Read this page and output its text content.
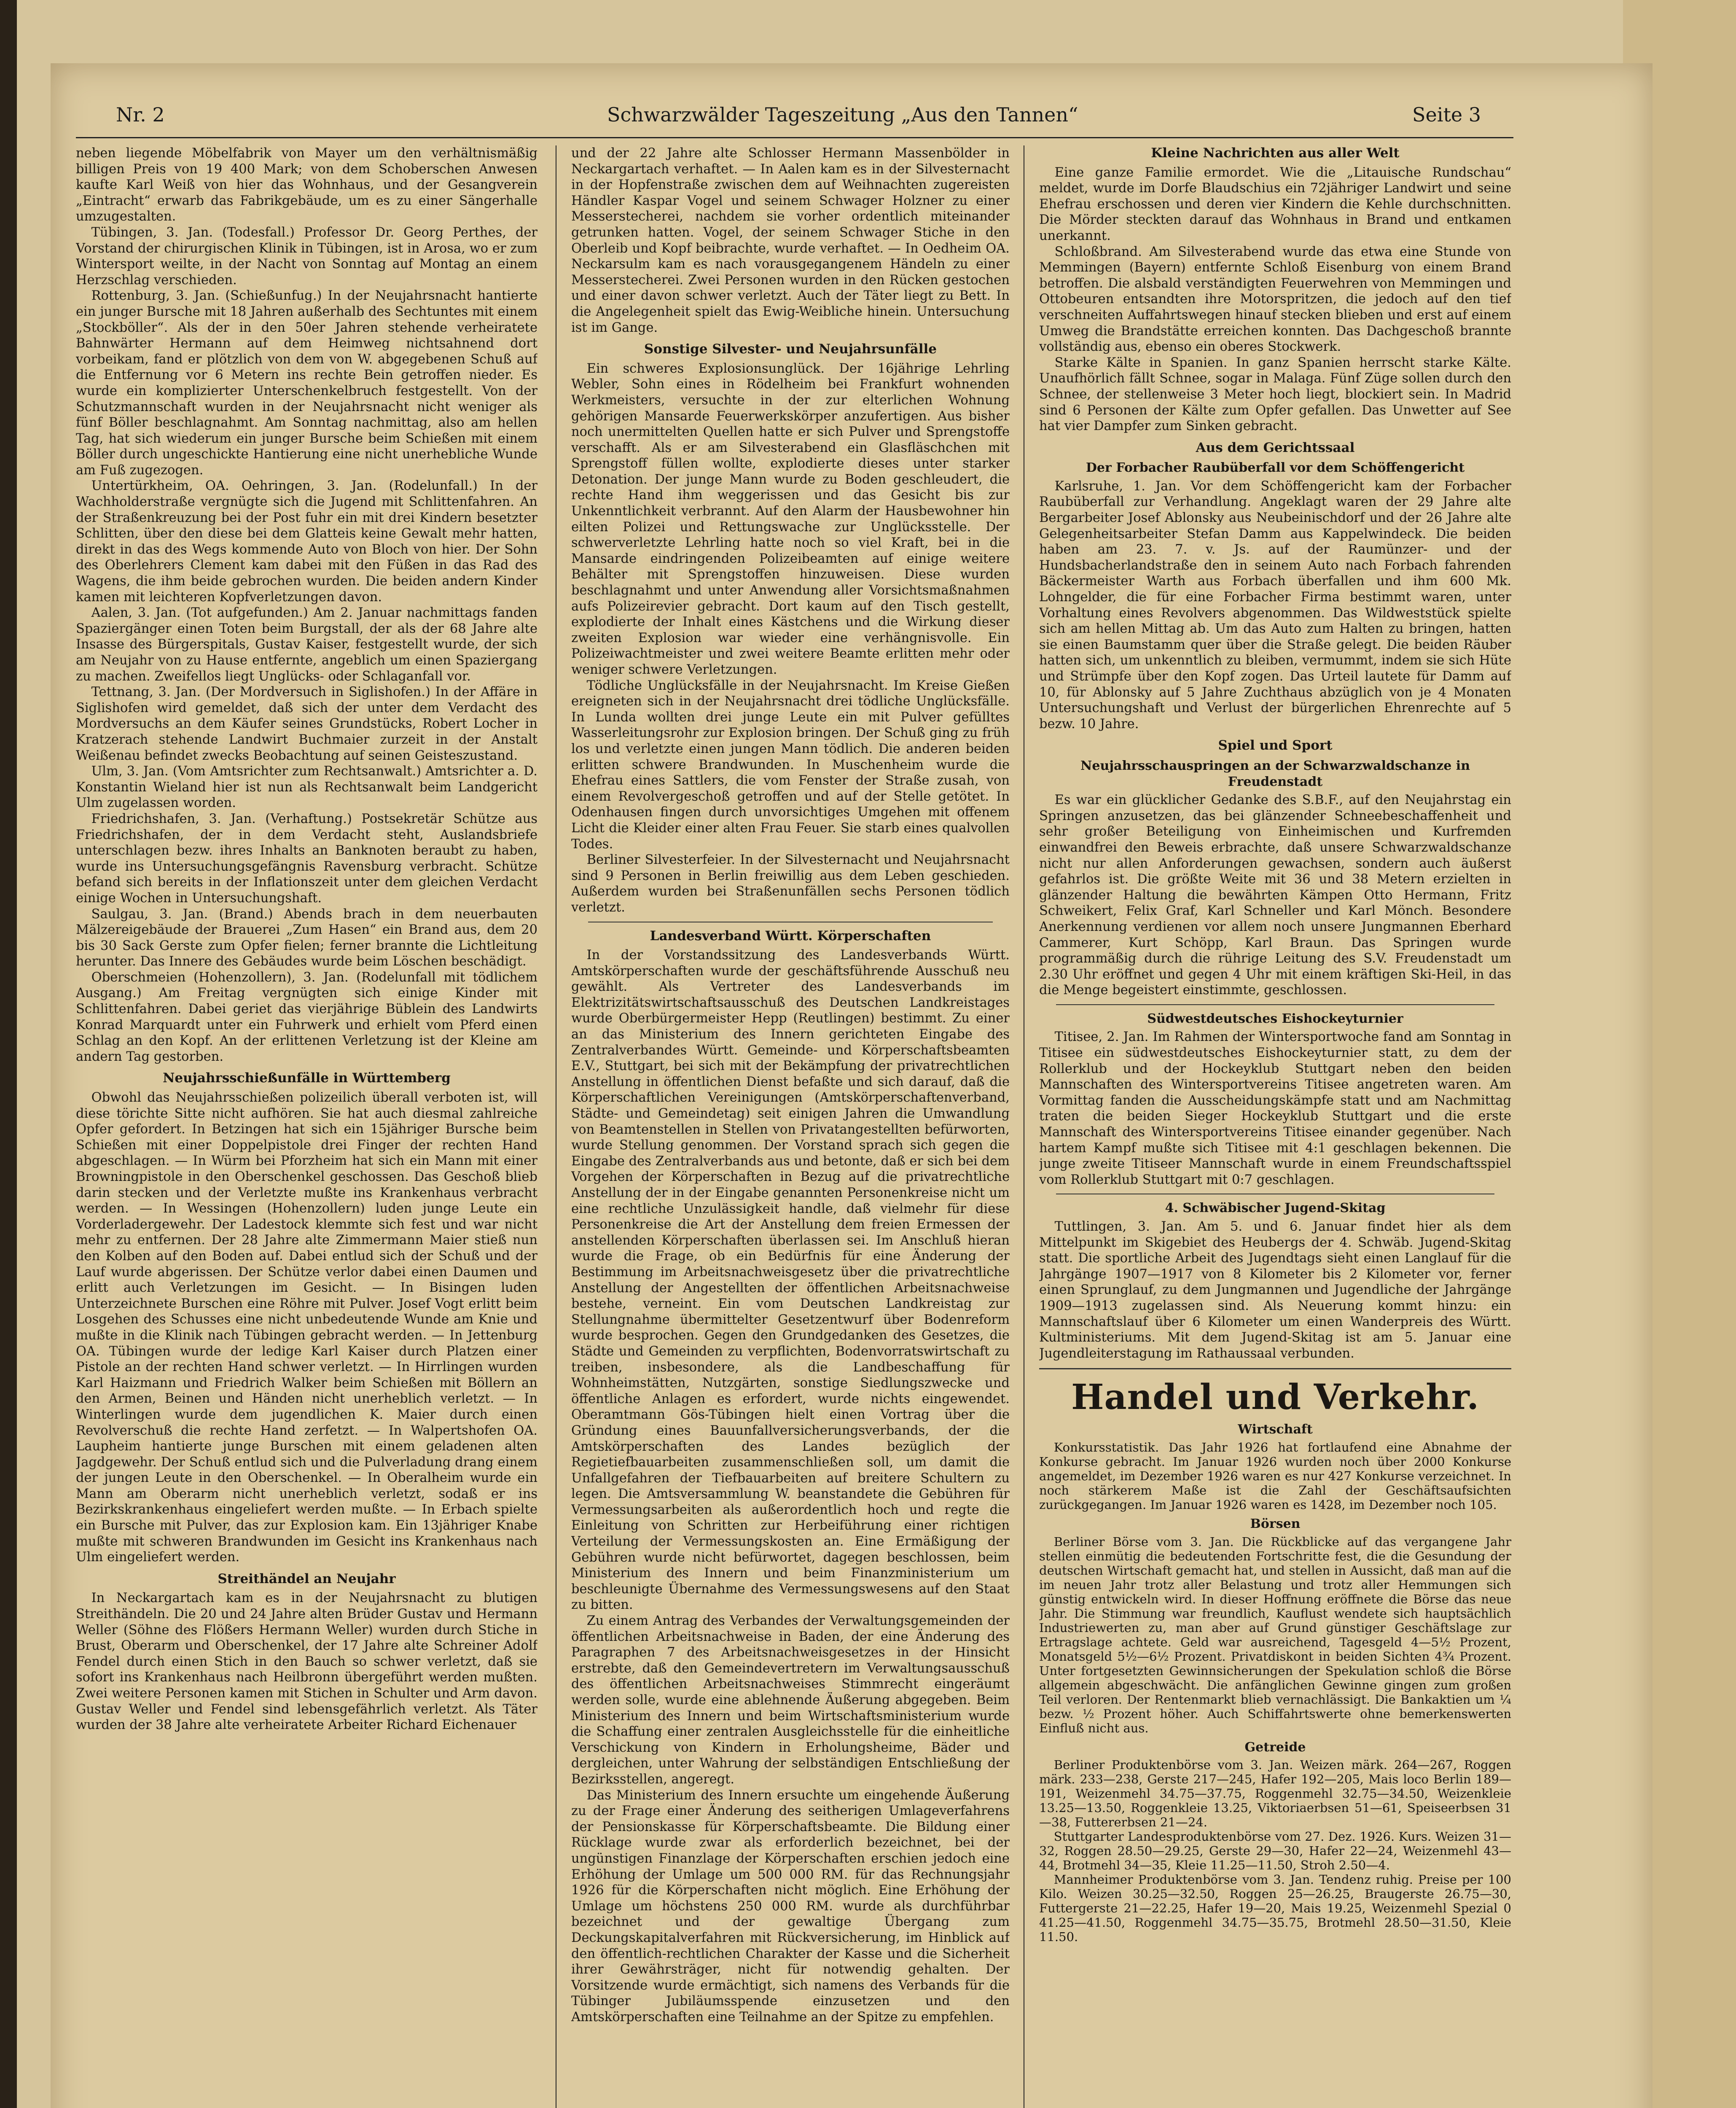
Nr. 2	Schwarzwälder Tageszeitung „Aus den Tannen“	Seite 3

neben liegende Möbelfabrik von Mayer um den verhältnismäßig billigen Preis von 19 400 Mark; von dem Schoberschen Anwesen kaufte Karl Weiß von hier das Wohnhaus, und der Gesangverein „Eintracht“ erwarb das Fabrikgebäude, um es zu einer Sängerhalle umzugestalten.

Tübingen, 3. Jan. (Todesfall.) Professor Dr. Georg Perthes, der Vorstand der chirurgischen Klinik in Tübingen, ist in Arosa, wo er zum Wintersport weilte, in der Nacht von Sonntag auf Montag an einem Herzschlag verschieden.

Rottenburg, 3. Jan. (Schießunfug.) In der Neujahrsnacht hantierte ein junger Bursche mit 18 Jahren außerhalb des Sechtuntes mit einem „Stockböller“. Als der in den 50er Jahren stehende verheiratete Bahnwärter Hermann auf dem Heimweg nichtsahnend dort vorbeikam, fand er plötzlich von dem von W. abgegebenen Schuß auf die Entfernung vor 6 Metern ins rechte Bein getroffen nieder. Es wurde ein komplizierter Unterschenkelbruch festgestellt. Von der Schutzmannschaft wurden in der Neujahrsnacht nicht weniger als fünf Böller beschlagnahmt. Am Sonntag nachmittag, also am hellen Tag, hat sich wiederum ein junger Bursche beim Schießen mit einem Böller durch ungeschickte Hantierung eine nicht unerhebliche Wunde am Fuß zugezogen.

Untertürkheim, OA. Oehringen, 3. Jan. (Rodelunfall.) In der Wachholderstraße vergnügte sich die Jugend mit Schlittenfahren. An der Straßenkreuzung bei der Post fuhr ein mit drei Kindern besetzter Schlitten, über den diese bei dem Glatteis keine Gewalt mehr hatten, direkt in das des Wegs kommende Auto von Bloch von hier. Der Sohn des Oberlehrers Clement kam dabei mit den Füßen in das Rad des Wagens, die ihm beide gebrochen wurden. Die beiden andern Kinder kamen mit leichteren Kopfverletzungen davon.

Aalen, 3. Jan. (Tot aufgefunden.) Am 2. Januar nachmittags fanden Spaziergänger einen Toten beim Burgstall, der als der 68 Jahre alte Insasse des Bürgerspitals, Gustav Kaiser, festgestellt wurde, der sich am Neujahr von zu Hause entfernte, angeblich um einen Spaziergang zu machen. Zweifellos liegt Unglücks- oder Schlaganfall vor.

Tettnang, 3. Jan. (Der Mordversuch in Siglishofen.) In der Affäre in Siglishofen wird gemeldet, daß sich der unter dem Verdacht des Mordversuchs an dem Käufer seines Grundstücks, Robert Locher in Kratzerach stehende Landwirt Buchmaier zurzeit in der Anstalt Weißenau befindet zwecks Beobachtung auf seinen Geisteszustand.

Ulm, 3. Jan. (Vom Amtsrichter zum Rechtsanwalt.) Amtsrichter a. D. Konstantin Wieland hier ist nun als Rechtsanwalt beim Landgericht Ulm zugelassen worden.

Friedrichshafen, 3. Jan. (Verhaftung.) Postsekretär Schütze aus Friedrichshafen, der in dem Verdacht steht, Auslandsbriefe unterschlagen bezw. ihres Inhalts an Banknoten beraubt zu haben, wurde ins Untersuchungsgefängnis Ravensburg verbracht. Schütze befand sich bereits in der Inflationszeit unter dem gleichen Verdacht einige Wochen in Untersuchungshaft.

Saulgau, 3. Jan. (Brand.) Abends brach in dem neuerbauten Mälzereigebäude der Brauerei „Zum Hasen“ ein Brand aus, dem 20 bis 30 Sack Gerste zum Opfer fielen; ferner brannte die Lichtleitung herunter. Das Innere des Gebäudes wurde beim Löschen beschädigt.

Oberschmeien (Hohenzollern), 3. Jan. (Rodelunfall mit tödlichem Ausgang.) Am Freitag vergnügten sich einige Kinder mit Schlittenfahren. Dabei geriet das vierjährige Büblein des Landwirts Konrad Marquardt unter ein Fuhrwerk und erhielt vom Pferd einen Schlag an den Kopf. An der erlittenen Verletzung ist der Kleine am andern Tag gestorben.

Neujahrsschießunfälle in Württemberg

Obwohl das Neujahrsschießen polizeilich überall verboten ist, will diese törichte Sitte nicht aufhören. Sie hat auch diesmal zahlreiche Opfer gefordert. In Betzingen hat sich ein 15jähriger Bursche beim Schießen mit einer Doppelpistole drei Finger der rechten Hand abgeschlagen. — In Würm bei Pforzheim hat sich ein Mann mit einer Browningpistole in den Oberschenkel geschossen. Das Geschoß blieb darin stecken und der Verletzte mußte ins Krankenhaus verbracht werden. — In Wessingen (Hohenzollern) luden junge Leute ein Vorderladergewehr. Der Ladestock klemmte sich fest und war nicht mehr zu entfernen. Der 28 Jahre alte Zimmermann Maier stieß nun den Kolben auf den Boden auf. Dabei entlud sich der Schuß und der Lauf wurde abgerissen. Der Schütze verlor dabei einen Daumen und erlitt auch Verletzungen im Gesicht. — In Bisingen luden Unterzeichnete Burschen eine Röhre mit Pulver. Josef Vogt erlitt beim Losgehen des Schusses eine nicht unbedeutende Wunde am Knie und mußte in die Klinik nach Tübingen gebracht werden. — In Jettenburg OA. Tübingen wurde der ledige Karl Kaiser durch Platzen einer Pistole an der rechten Hand schwer verletzt. — In Hirrlingen wurden Karl Haizmann und Friedrich Walker beim Schießen mit Böllern an den Armen, Beinen und Händen nicht unerheblich verletzt. — In Winterlingen wurde dem jugendlichen K. Maier durch einen Revolverschuß die rechte Hand zerfetzt. — In Walpertshofen OA. Laupheim hantierte junge Burschen mit einem geladenen alten Jagdgewehr. Der Schuß entlud sich und die Pulverladung drang einem der jungen Leute in den Oberschenkel. — In Oberalheim wurde ein Mann am Oberarm nicht unerheblich verletzt, sodaß er ins Bezirkskrankenhaus eingeliefert werden mußte. — In Erbach spielte ein Bursche mit Pulver, das zur Explosion kam. Ein 13jähriger Knabe mußte mit schweren Brandwunden im Gesicht ins Krankenhaus nach Ulm eingeliefert werden.

Streithändel an Neujahr

In Neckargartach kam es in der Neujahrsnacht zu blutigen Streithändeln. Die 20 und 24 Jahre alten Brüder Gustav und Hermann Weller (Söhne des Flößers Hermann Weller) wurden durch Stiche in Brust, Oberarm und Oberschenkel, der 17 Jahre alte Schreiner Adolf Fendel durch einen Stich in den Bauch so schwer verletzt, daß sie sofort ins Krankenhaus nach Heilbronn übergeführt werden mußten. Zwei weitere Personen kamen mit Stichen in Schulter und Arm davon. Gustav Weller und Fendel sind lebensgefährlich verletzt. Als Täter wurden der 38 Jahre alte verheiratete Arbeiter Richard Eichenauer

und der 22 Jahre alte Schlosser Hermann Massenbölder in Neckargartach verhaftet. — In Aalen kam es in der Silvesternacht in der Hopfenstraße zwischen dem auf Weihnachten zugereisten Händler Kaspar Vogel und seinem Schwager Holzner zu einer Messerstecherei, nachdem sie vorher ordentlich miteinander getrunken hatten. Vogel, der seinem Schwager Stiche in den Oberleib und Kopf beibrachte, wurde verhaftet. — In Oedheim OA. Neckarsulm kam es nach vorausgegangenem Händeln zu einer Messerstecherei. Zwei Personen wurden in den Rücken gestochen und einer davon schwer verletzt. Auch der Täter liegt zu Bett. In die Angelegenheit spielt das Ewig-Weibliche hinein. Untersuchung ist im Gange.

Sonstige Silvester- und Neujahrsunfälle

Ein schweres Explosionsunglück. Der 16jährige Lehrling Webler, Sohn eines in Rödelheim bei Frankfurt wohnenden Werkmeisters, versuchte in der zur elterlichen Wohnung gehörigen Mansarde Feuerwerkskörper anzufertigen. Aus bisher noch unermittelten Quellen hatte er sich Pulver und Sprengstoffe verschafft. Als er am Silvesterabend ein Glasfläschchen mit Sprengstoff füllen wollte, explodierte dieses unter starker Detonation. Der junge Mann wurde zu Boden geschleudert, die rechte Hand ihm weggerissen und das Gesicht bis zur Unkenntlichkeit verbrannt. Auf den Alarm der Hausbewohner hin eilten Polizei und Rettungswache zur Unglücksstelle. Der schwerverletzte Lehrling hatte noch so viel Kraft, bei in die Mansarde eindringenden Polizeibeamten auf einige weitere Behälter mit Sprengstoffen hinzuweisen. Diese wurden beschlagnahmt und unter Anwendung aller Vorsichtsmaßnahmen aufs Polizeirevier gebracht. Dort kaum auf den Tisch gestellt, explodierte der Inhalt eines Kästchens und die Wirkung dieser zweiten Explosion war wieder eine verhängnisvolle. Ein Polizeiwachtmeister und zwei weitere Beamte erlitten mehr oder weniger schwere Verletzungen.

Tödliche Unglücksfälle in der Neujahrsnacht. Im Kreise Gießen ereigneten sich in der Neujahrsnacht drei tödliche Unglücksfälle. In Lunda wollten drei junge Leute ein mit Pulver gefülltes Wasserleitungsrohr zur Explosion bringen. Der Schuß ging zu früh los und verletzte einen jungen Mann tödlich. Die anderen beiden erlitten schwere Brandwunden. In Muschenheim wurde die Ehefrau eines Sattlers, die vom Fenster der Straße zusah, von einem Revolvergeschoß getroffen und auf der Stelle getötet. In Odenhausen fingen durch unvorsichtiges Umgehen mit offenem Licht die Kleider einer alten Frau Feuer. Sie starb eines qualvollen Todes.

Berliner Silvesterfeier. In der Silvesternacht und Neujahrsnacht sind 9 Personen in Berlin freiwillig aus dem Leben geschieden. Außerdem wurden bei Straßenunfällen sechs Personen tödlich verletzt.

Landesverband Württ. Körperschaften

In der Vorstandssitzung des Landesverbands Württ. Amtskörperschaften wurde der geschäftsführende Ausschuß neu gewählt. Als Vertreter des Landesverbands im Elektrizitätswirtschaftsausschuß des Deutschen Landkreistages wurde Oberbürgermeister Hepp (Reutlingen) bestimmt. Zu einer an das Ministerium des Innern gerichteten Eingabe des Zentralverbandes Württ. Gemeinde- und Körperschaftsbeamten E.V., Stuttgart, bei sich mit der Bekämpfung der privatrechtlichen Anstellung in öffentlichen Dienst befaßte und sich darauf, daß die Körperschaftlichen Vereinigungen (Amtskörperschaftenverband, Städte- und Gemeindetag) seit einigen Jahren die Umwandlung von Beamtenstellen in Stellen von Privatangestellten befürworten, wurde Stellung genommen. Der Vorstand sprach sich gegen die Eingabe des Zentralverbands aus und betonte, daß er sich bei dem Vorgehen der Körperschaften in Bezug auf die privatrechtliche Anstellung der in der Eingabe genannten Personenkreise nicht um eine rechtliche Unzulässigkeit handle, daß vielmehr für diese Personenkreise die Art der Anstellung dem freien Ermessen der anstellenden Körperschaften überlassen sei. Im Anschluß hieran wurde die Frage, ob ein Bedürfnis für eine Änderung der Bestimmung im Arbeitsnachweisgesetz über die privatrechtliche Anstellung der Angestellten der öffentlichen Arbeitsnachweise bestehe, verneint. Ein vom Deutschen Landkreistag zur Stellungnahme übermittelter Gesetzentwurf über Bodenreform wurde besprochen. Gegen den Grundgedanken des Gesetzes, die Städte und Gemeinden zu verpflichten, Bodenvorratswirtschaft zu treiben, insbesondere, als die Landbeschaffung für Wohnheimstätten, Nutzgärten, sonstige Siedlungszwecke und öffentliche Anlagen es erfordert, wurde nichts eingewendet. Oberamtmann Gös-Tübingen hielt einen Vortrag über die Gründung eines Bauunfallversicherungsverbands, der die Amtskörperschaften des Landes bezüglich der Regietiefbauarbeiten zusammenschließen soll, um damit die Unfallgefahren der Tiefbauarbeiten auf breitere Schultern zu legen. Die Amtsversammlung W. beanstandete die Gebühren für Vermessungsarbeiten als außerordentlich hoch und regte die Einleitung von Schritten zur Herbeiführung einer richtigen Verteilung der Vermessungskosten an. Eine Ermäßigung der Gebühren wurde nicht befürwortet, dagegen beschlossen, beim Ministerium des Innern und beim Finanzministerium um beschleunigte Übernahme des Vermessungswesens auf den Staat zu bitten.

Zu einem Antrag des Verbandes der Verwaltungsgemeinden der öffentlichen Arbeitsnachweise in Baden, der eine Änderung des Paragraphen 7 des Arbeitsnachweisgesetzes in der Hinsicht erstrebte, daß den Gemeindevertretern im Verwaltungsausschuß des öffentlichen Arbeitsnachweises Stimmrecht eingeräumt werden solle, wurde eine ablehnende Äußerung abgegeben. Beim Ministerium des Innern und beim Wirtschaftsministerium wurde die Schaffung einer zentralen Ausgleichsstelle für die einheitliche Verschickung von Kindern in Erholungsheime, Bäder und dergleichen, unter Wahrung der selbständigen Entschließung der Bezirksstellen, angeregt.

Das Ministerium des Innern ersuchte um eingehende Äußerung zu der Frage einer Änderung des seitherigen Umlageverfahrens der Pensionskasse für Körperschaftsbeamte. Die Bildung einer Rücklage wurde zwar als erforderlich bezeichnet, bei der ungünstigen Finanzlage der Körperschaften erschien jedoch eine Erhöhung der Umlage um 500 000 RM. für das Rechnungsjahr 1926 für die Körperschaften nicht möglich. Eine Erhöhung der Umlage um höchstens 250 000 RM. wurde als durchführbar bezeichnet und der gewaltige Übergang zum Deckungskapitalverfahren mit Rückversicherung, im Hinblick auf den öffentlich-rechtlichen Charakter der Kasse und die Sicherheit ihrer Gewährsträger, nicht für notwendig gehalten. Der Vorsitzende wurde ermächtigt, sich namens des Verbands für die Tübinger Jubiläumsspende einzusetzen und den Amtskörperschaften eine Teilnahme an der Spitze zu empfehlen.

Kleine Nachrichten aus aller Welt

Eine ganze Familie ermordet. Wie die „Litauische Rundschau“ meldet, wurde im Dorfe Blaudschius ein 72jähriger Landwirt und seine Ehefrau erschossen und deren vier Kindern die Kehle durchschnitten. Die Mörder steckten darauf das Wohnhaus in Brand und entkamen unerkannt.

Schloßbrand. Am Silvesterabend wurde das etwa eine Stunde von Memmingen (Bayern) entfernte Schloß Eisenburg von einem Brand betroffen. Die alsbald verständigten Feuerwehren von Memmingen und Ottobeuren entsandten ihre Motorspritzen, die jedoch auf den tief verschneiten Auffahrtswegen hinauf stecken blieben und erst auf einem Umweg die Brandstätte erreichen konnten. Das Dachgeschoß brannte vollständig aus, ebenso ein oberes Stockwerk.

Starke Kälte in Spanien. In ganz Spanien herrscht starke Kälte. Unaufhörlich fällt Schnee, sogar in Malaga. Fünf Züge sollen durch den Schnee, der stellenweise 3 Meter hoch liegt, blockiert sein. In Madrid sind 6 Personen der Kälte zum Opfer gefallen. Das Unwetter auf See hat vier Dampfer zum Sinken gebracht.

Aus dem Gerichtssaal
Der Forbacher Raubüberfall vor dem Schöffengericht

Karlsruhe, 1. Jan. Vor dem Schöffengericht kam der Forbacher Raubüberfall zur Verhandlung. Angeklagt waren der 29 Jahre alte Bergarbeiter Josef Ablonsky aus Neubeinischdorf und der 26 Jahre alte Gelegenheitsarbeiter Stefan Damm aus Kappelwindeck. Die beiden haben am 23. 7. v. Js. auf der Raumünzer- und der Hundsbacherlandstraße den in seinem Auto nach Forbach fahrenden Bäckermeister Warth aus Forbach überfallen und ihm 600 Mk. Lohngelder, die für eine Forbacher Firma bestimmt waren, unter Vorhaltung eines Revolvers abgenommen. Das Wildweststück spielte sich am hellen Mittag ab. Um das Auto zum Halten zu bringen, hatten sie einen Baumstamm quer über die Straße gelegt. Die beiden Räuber hatten sich, um unkenntlich zu bleiben, vermummt, indem sie sich Hüte und Strümpfe über den Kopf zogen. Das Urteil lautete für Damm auf 10, für Ablonsky auf 5 Jahre Zuchthaus abzüglich von je 4 Monaten Untersuchungshaft und Verlust der bürgerlichen Ehrenrechte auf 5 bezw. 10 Jahre.

Spiel und Sport
Neujahrsschauspringen an der Schwarzwaldschanze in Freudenstadt

Es war ein glücklicher Gedanke des S.B.F., auf den Neujahrstag ein Springen anzusetzen, das bei glänzender Schneebeschaffenheit und sehr großer Beteiligung von Einheimischen und Kurfremden einwandfrei den Beweis erbrachte, daß unsere Schwarzwaldschanze nicht nur allen Anforderungen gewachsen, sondern auch äußerst gefahrlos ist. Die größte Weite mit 36 und 38 Metern erzielten in glänzender Haltung die bewährten Kämpen Otto Hermann, Fritz Schweikert, Felix Graf, Karl Schneller und Karl Mönch. Besondere Anerkennung verdienen vor allem noch unsere Jungmannen Eberhard Cammerer, Kurt Schöpp, Karl Braun. Das Springen wurde programmäßig durch die rührige Leitung des S.V. Freudenstadt um 2.30 Uhr eröffnet und gegen 4 Uhr mit einem kräftigen Ski-Heil, in das die Menge begeistert einstimmte, geschlossen.

Südwestdeutsches Eishockeyturnier

Titisee, 2. Jan. Im Rahmen der Wintersportwoche fand am Sonntag in Titisee ein südwestdeutsches Eishockeyturnier statt, zu dem der Rollerklub und der Hockeyklub Stuttgart neben den beiden Mannschaften des Wintersportvereins Titisee angetreten waren. Am Vormittag fanden die Ausscheidungskämpfe statt und am Nachmittag traten die beiden Sieger Hockeyklub Stuttgart und die erste Mannschaft des Wintersportvereins Titisee einander gegenüber. Nach hartem Kampf mußte sich Titisee mit 4:1 geschlagen bekennen. Die junge zweite Titiseer Mannschaft wurde in einem Freundschaftsspiel vom Rollerklub Stuttgart mit 0:7 geschlagen.

4. Schwäbischer Jugend-Skitag

Tuttlingen, 3. Jan. Am 5. und 6. Januar findet hier als dem Mittelpunkt im Skigebiet des Heubergs der 4. Schwäb. Jugend-Skitag statt. Die sportliche Arbeit des Jugendtags sieht einen Langlauf für die Jahrgänge 1907—1917 von 8 Kilometer bis 2 Kilometer vor, ferner einen Sprunglauf, zu dem Jungmannen und Jugendliche der Jahrgänge 1909—1913 zugelassen sind. Als Neuerung kommt hinzu: ein Mannschaftslauf über 6 Kilometer um einen Wanderpreis des Württ. Kultministeriums. Mit dem Jugend-Skitag ist am 5. Januar eine Jugendleiterstagung im Rathaussaal verbunden.

Handel und Verkehr.
Wirtschaft

Konkursstatistik. Das Jahr 1926 hat fortlaufend eine Abnahme der Konkurse gebracht. Im Januar 1926 wurden noch über 2000 Konkurse angemeldet, im Dezember 1926 waren es nur 427 Konkurse verzeichnet. In noch stärkerem Maße ist die Zahl der Geschäftsaufsichten zurückgegangen. Im Januar 1926 waren es 1428, im Dezember noch 105.

Börsen

Berliner Börse vom 3. Jan. Die Rückblicke auf das vergangene Jahr stellen einmütig die bedeutenden Fortschritte fest, die die Gesundung der deutschen Wirtschaft gemacht hat, und stellen in Aussicht, daß man auf die im neuen Jahr trotz aller Belastung und trotz aller Hemmungen sich günstig entwickeln wird. In dieser Hoffnung eröffnete die Börse das neue Jahr. Die Stimmung war freundlich, Kauflust wendete sich hauptsächlich Industriewerten zu, man aber auf Grund günstiger Geschäftslage zur Ertragslage achtete. Geld war ausreichend, Tagesgeld 4—5½ Prozent, Monatsgeld 5½—6½ Prozent. Privatdiskont in beiden Sichten 4¾ Prozent. Unter fortgesetzten Gewinnsicherungen der Spekulation schloß die Börse allgemein abgeschwächt. Die anfänglichen Gewinne gingen zum großen Teil verloren. Der Rentenmarkt blieb vernachlässigt. Die Bankaktien um ¼ bezw. ½ Prozent höher. Auch Schiffahrtswerte ohne bemerkenswerten Einfluß nicht aus.

Getreide

Berliner Produktenbörse vom 3. Jan. Weizen märk. 264—267, Roggen märk. 233—238, Gerste 217—245, Hafer 192—205, Mais loco Berlin 189—191, Weizenmehl 34.75—37.75, Roggenmehl 32.75—34.50, Weizenkleie 13.25—13.50, Roggenkleie 13.25, Viktoriaerbsen 51—61, Speiseerbsen 31—38, Futtererbsen 21—24.

Stuttgarter Landesproduktenbörse vom 27. Dez. 1926. Kurs. Weizen 31—32, Roggen 28.50—29.25, Gerste 29—30, Hafer 22—24, Weizenmehl 43—44, Brotmehl 34—35, Kleie 11.25—11.50, Stroh 2.50—4.

Mannheimer Produktenbörse vom 3. Jan. Tendenz ruhig. Preise per 100 Kilo. Weizen 30.25—32.50, Roggen 25—26.25, Braugerste 26.75—30, Futtergerste 21—22.25, Hafer 19—20, Mais 19.25, Weizenmehl Spezial 0 41.25—41.50, Roggenmehl 34.75—35.75, Brotmehl 28.50—31.50, Kleie 11.50.
